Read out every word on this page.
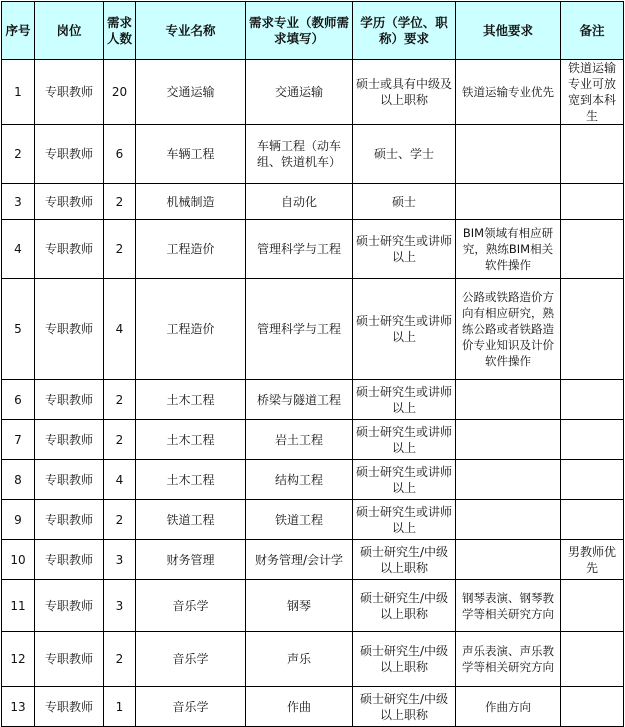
序号	岗位	需求人数	专业名称	需求专业（教师需求填写）	学历（学位、职称）要求	其他要求	备注
1	专职教师	20	交通运输	交通运输	硕士或具有中级及以上职称	铁道运输专业优先	铁道运输专业可放宽到本科生
2	专职教师	6	车辆工程	车辆工程（动车组、铁道机车）	硕士、学士		
3	专职教师	2	机械制造	自动化	硕士		
4	专职教师	2	工程造价	管理科学与工程	硕士研究生或讲师以上	BIM领域有相应研究，熟练BIM相关软件操作	
5	专职教师	4	工程造价	管理科学与工程	硕士研究生或讲师以上	公路或铁路造价方向有相应研究，熟练公路或者铁路造价专业知识及计价软件操作	
6	专职教师	2	土木工程	桥梁与隧道工程	硕士研究生或讲师以上		
7	专职教师	2	土木工程	岩土工程	硕士研究生或讲师以上		
8	专职教师	4	土木工程	结构工程	硕士研究生或讲师以上		
9	专职教师	2	铁道工程	铁道工程	硕士研究生或讲师以上		
10	专职教师	3	财务管理	财务管理/会计学	硕士研究生/中级以上职称		男教师优先
11	专职教师	3	音乐学	钢琴	硕士研究生/中级以上职称	钢琴表演、钢琴教学等相关研究方向	
12	专职教师	2	音乐学	声乐	硕士研究生/中级以上职称	声乐表演、声乐教学等相关研究方向	
13	专职教师	1	音乐学	作曲	硕士研究生/中级以上职称	作曲方向	
